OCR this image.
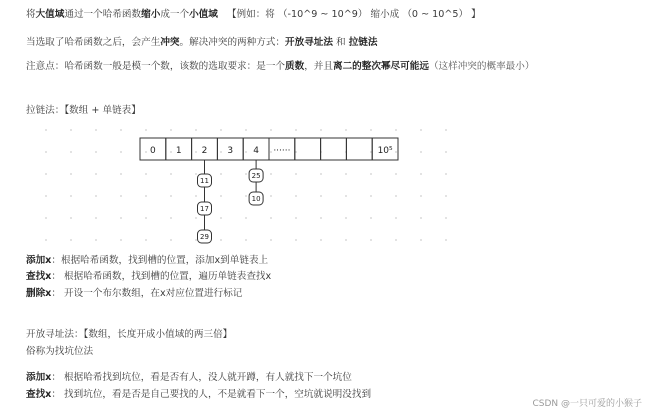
将大值域通过一个哈希函数缩小成一个小值域 【例如：将 （-10^9 ~ 10^9） 缩小成 （0 ~ 10^5） 】
当选取了哈希函数之后，会产生冲突。解决冲突的两种方式：开放寻址法 和 拉链法
注意点：哈希函数一般是模一个数，该数的选取要求：是一个质数，并且离二的整次幂尽可能远（这样冲突的概率最小）
拉链法：【数组 + 单链表】
0 1 2 3 4 ······	10⁵
11
17
29
25
10
添加x：根据哈希函数，找到槽的位置，添加x到单链表上
查找x： 根据哈希函数，找到槽的位置，遍历单链表查找x
删除x： 开设一个布尔数组，在x对应位置进行标记
开放寻址法：【数组，长度开成小值域的两三倍】
俗称为找坑位法
添加x： 根据哈希找到坑位，看是否有人，没人就开蹲，有人就找下一个坑位
查找x： 找到坑位，看是否是自己要找的人，不是就看下一个，空坑就说明没找到
CSDN @一只可爱的小猴子
